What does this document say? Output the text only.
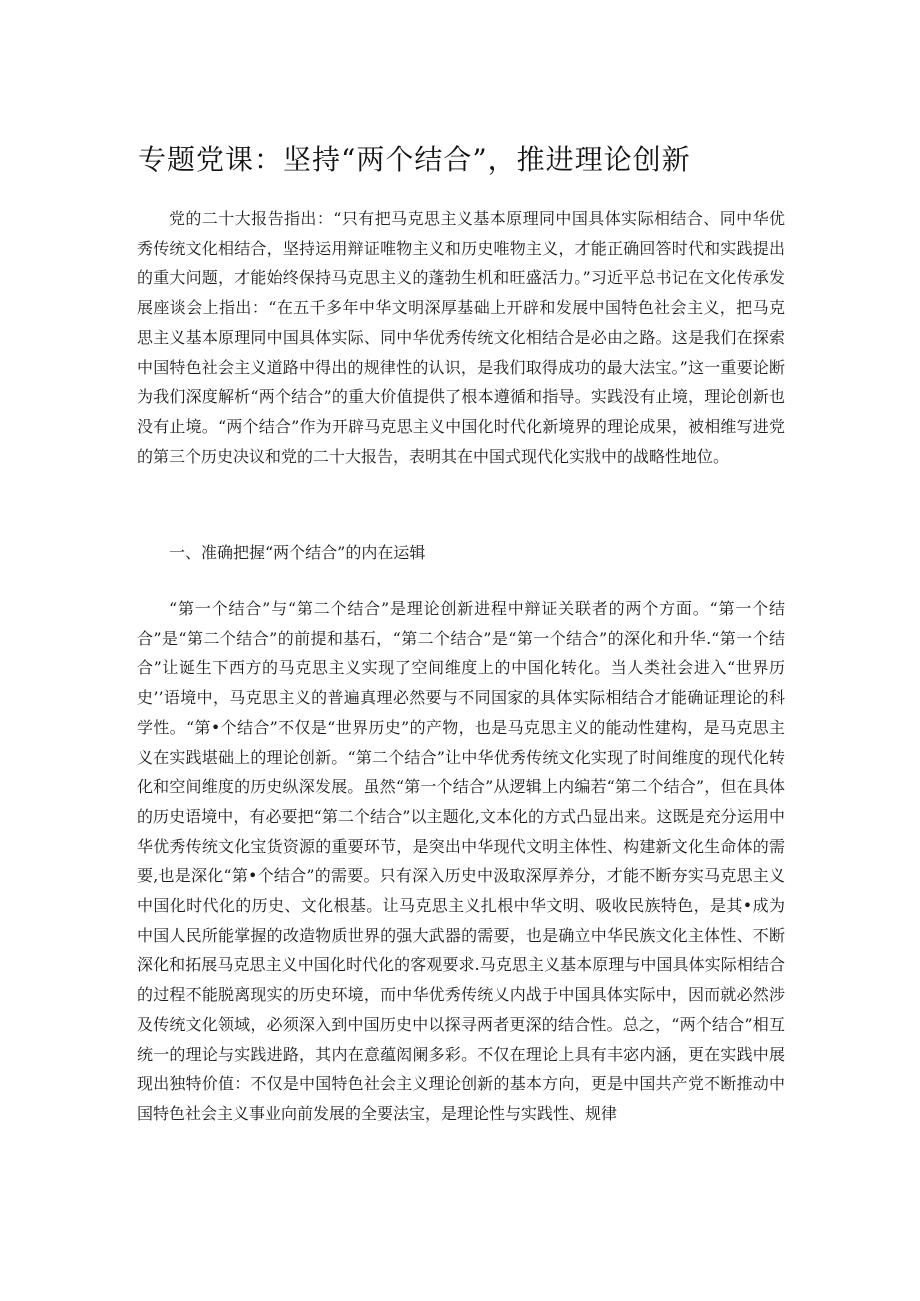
专题党课：坚持“两个结合”，推进理论创新

党的二十大报告指出：“只有把马克思主义基本原理同中国具体实际相结合、同中华优秀传统文化相结合，坚持运用辩证唯物主义和历史唯物主义，才能正确回答时代和实践提出的重大问题，才能始终保持马克思主义的蓬勃生机和旺盛活力。”习近平总书记在文化传承发展座谈会上指出：“在五千多年中华文明深厚基础上开辟和发展中国特色社会主义，把马克思主义基本原理同中国具体实际、同中华优秀传统文化相结合是必由之路。这是我们在探索中国特色社会主义道路中得出的规律性的认识，是我们取得成功的最大法宝。”这一重要论断为我们深度解析“两个结合”的重大价值提供了根本遵循和指导。实践没有止境，理论创新也没有止境。“两个结合”作为开辟马克思主义中国化时代化新境界的理论成果，被相维写进党的第三个历史决议和党的二十大报告，表明其在中国式现代化实戕中的战略性地位。

一、准确把握“两个结合”的内在运辑

“第一个结合”与“第二个结合”是理论创新进程中辩证关联者的两个方面。“第一个结合”是“第二个结合”的前提和基石，“第二个结合”是“第一个结合”的深化和升华.“第一个结合”让诞生下西方的马克思主义实现了空间维度上的中国化转化。当人类社会进入“世界历史’’语境中，马克思主义的普遍真理必然要与不同国家的具体实际相结合才能确证理论的科学性。“第•个结合”不仅是“世界历史”的产物，也是马克思主义的能动性建构，是马克思主义在实践堪础上的理论创新。“第二个结合”让中华优秀传统文化实现了时间维度的现代化转化和空间维度的历史纵深发展。虽然“第一个结合”从逻辑上内编若“第二个结合”，但在具体的历史语境中，有必要把“第二个结合”以主题化,文本化的方式凸显出来。这既是充分运用中华优秀传统文化宝货资源的重要环节，是突出中华现代文明主体性、构建新文化生命体的需要,也是深化“第•个结合”的需要。只有深入历史中汲取深厚养分，才能不断夯实马克思主义中国化时代化的历史、文化根基。让马克思主义扎根中华文明、吸收民族特色，是其•成为中国人民所能掌握的改造物质世界的强大武器的需要，也是确立中华民族文化主体性、不断深化和拓展马克思主义中国化时代化的客观要求.马克思主义基本原理与中国具体实际相结合的过程不能脱离现实的历史环境，而中华优秀传统乂内战于中国具体实际中，因而就必然涉及传统文化领域，必须深入到中国历史中以探寻两者更深的结合性。总之，“两个结合”相互统一的理论与实践进路，其内在意蕴闳阑多彩。不仅在理论上具有丰宓内涵，更在实践中展现出独特价值：不仅是中国特色社会主义理论创新的基本方向，更是中国共产党不断推动中国特色社会主义事业向前发展的全要法宝，是理论性与实践性、规律
